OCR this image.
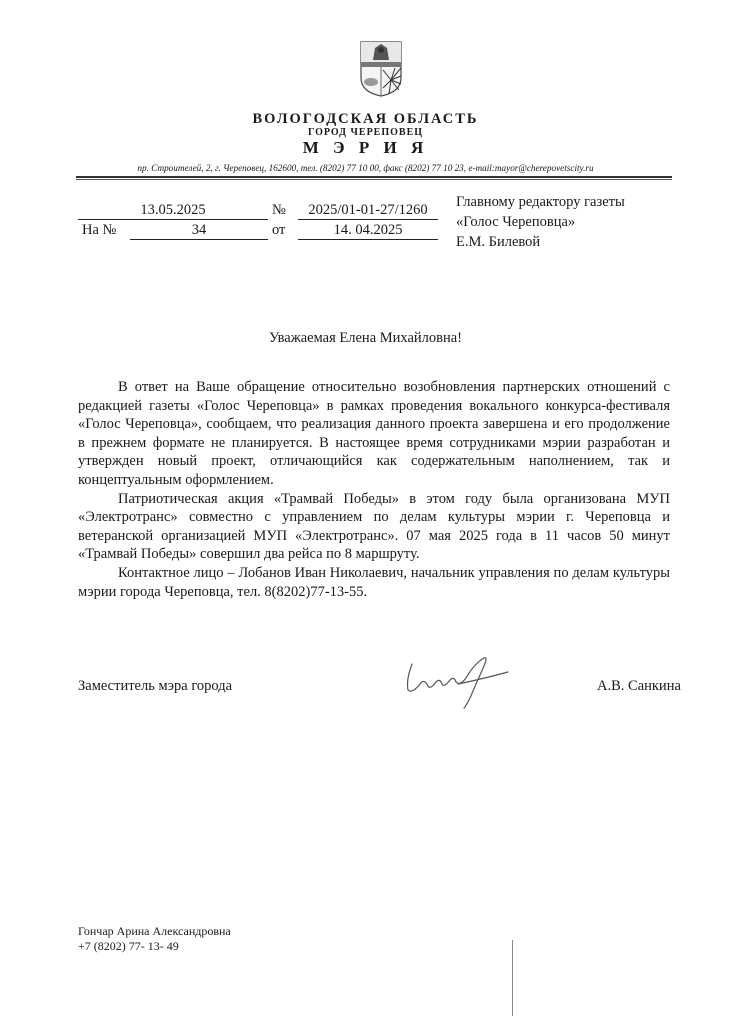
ВОЛОГОДСКАЯ ОБЛАСТЬ
ГОРОД ЧЕРЕПОВЕЦ
М Э Р И Я
пр. Строителей, 2, г. Череповец, 162600, тел. (8202) 77 10 00, факс (8202) 77 10 23, e-mail:mayor@cherepovetscity.ru
13.05.2025	№	2025/01-01-27/1260
На №	34	от	14. 04.2025
Главному редактору газеты
«Голос Череповца»
Е.М. Билевой
Уважаемая Елена Михайловна!

В ответ на Ваше обращение относительно возобновления партнерских отношений с редакцией газеты «Голос Череповца» в рамках проведения вокального конкурса-фестиваля «Голос Череповца», сообщаем, что реализация данного проекта завершена и его продолжение в прежнем формате не планируется. В настоящее время сотрудниками мэрии разработан и утвержден новый проект, отличающийся как содержательным наполнением, так и концептуальным оформлением.

Патриотическая акция «Трамвай Победы» в этом году была организована МУП «Электротранс» совместно с управлением по делам культуры мэрии г. Череповца и ветеранской организацией МУП «Электротранс». 07 мая 2025 года в 11 часов 50 минут «Трамвай Победы» совершил два рейса по 8 маршруту.

Контактное лицо – Лобанов Иван Николаевич, начальник управления по делам культуры мэрии города Череповца, тел. 8(8202)77-13-55.

Заместитель мэра города	А.В. Санкина
Гончар Арина Александровна
+7 (8202) 77- 13- 49
